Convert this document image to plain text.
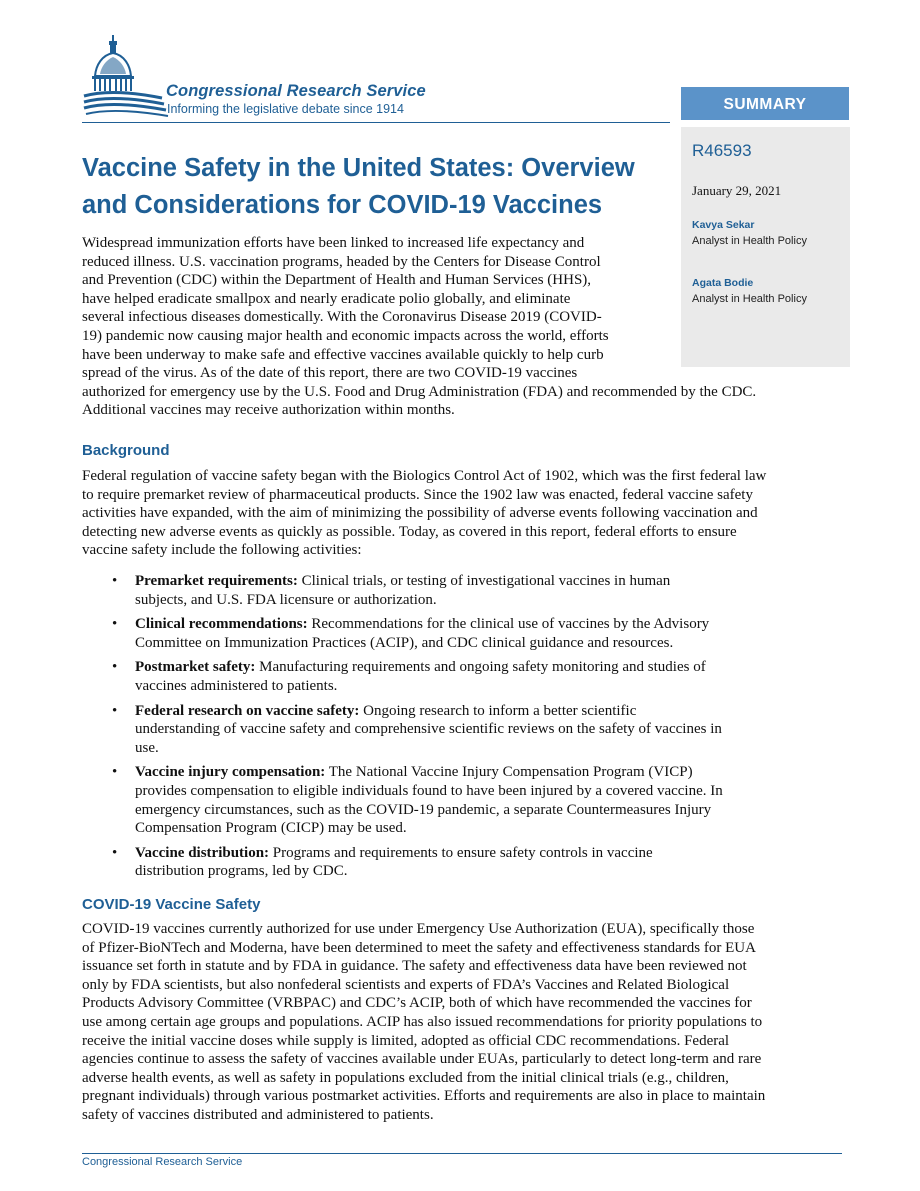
Congressional Research Service
Informing the legislative debate since 1914	SUMMARY
R46593
January 29, 2021
Kavya Sekar
Analyst in Health Policy
Agata Bodie
Analyst in Health Policy
Vaccine Safety in the United States: Overview
and Considerations for COVID-19 Vaccines

Widespread immunization efforts have been linked to increased life expectancy and
reduced illness. U.S. vaccination programs, headed by the Centers for Disease Control
and Prevention (CDC) within the Department of Health and Human Services (HHS),
have helped eradicate smallpox and nearly eradicate polio globally, and eliminate
several infectious diseases domestically. With the Coronavirus Disease 2019 (COVID-
19) pandemic now causing major health and economic impacts across the world, efforts
have been underway to make safe and effective vaccines available quickly to help curb
spread of the virus. As of the date of this report, there are two COVID-19 vaccines
authorized for emergency use by the U.S. Food and Drug Administration (FDA) and recommended by the CDC.
Additional vaccines may receive authorization within months.

Background

Federal regulation of vaccine safety began with the Biologics Control Act of 1902, which was the first federal law
to require premarket review of pharmaceutical products. Since the 1902 law was enacted, federal vaccine safety
activities have expanded, with the aim of minimizing the possibility of adverse events following vaccination and
detecting new adverse events as quickly as possible. Today, as covered in this report, federal efforts to ensure
vaccine safety include the following activities:

• Premarket requirements: Clinical trials, or testing of investigational vaccines in human
subjects, and U.S. FDA licensure or authorization.
• Clinical recommendations: Recommendations for the clinical use of vaccines by the Advisory
Committee on Immunization Practices (ACIP), and CDC clinical guidance and resources.
• Postmarket safety: Manufacturing requirements and ongoing safety monitoring and studies of
vaccines administered to patients.
• Federal research on vaccine safety: Ongoing research to inform a better scientific
understanding of vaccine safety and comprehensive scientific reviews on the safety of vaccines in
use.
• Vaccine injury compensation: The National Vaccine Injury Compensation Program (VICP)
provides compensation to eligible individuals found to have been injured by a covered vaccine. In
emergency circumstances, such as the COVID-19 pandemic, a separate Countermeasures Injury
Compensation Program (CICP) may be used.
• Vaccine distribution: Programs and requirements to ensure safety controls in vaccine
distribution programs, led by CDC.
COVID-19 Vaccine Safety

COVID-19 vaccines currently authorized for use under Emergency Use Authorization (EUA), specifically those
of Pfizer-BioNTech and Moderna, have been determined to meet the safety and effectiveness standards for EUA
issuance set forth in statute and by FDA in guidance. The safety and effectiveness data have been reviewed not
only by FDA scientists, but also nonfederal scientists and experts of FDA’s Vaccines and Related Biological
Products Advisory Committee (VRBPAC) and CDC’s ACIP, both of which have recommended the vaccines for
use among certain age groups and populations. ACIP has also issued recommendations for priority populations to
receive the initial vaccine doses while supply is limited, adopted as official CDC recommendations. Federal
agencies continue to assess the safety of vaccines available under EUAs, particularly to detect long-term and rare
adverse health events, as well as safety in populations excluded from the initial clinical trials (e.g., children,
pregnant individuals) through various postmarket activities. Efforts and requirements are also in place to maintain
safety of vaccines distributed and administered to patients.

Congressional Research Service
